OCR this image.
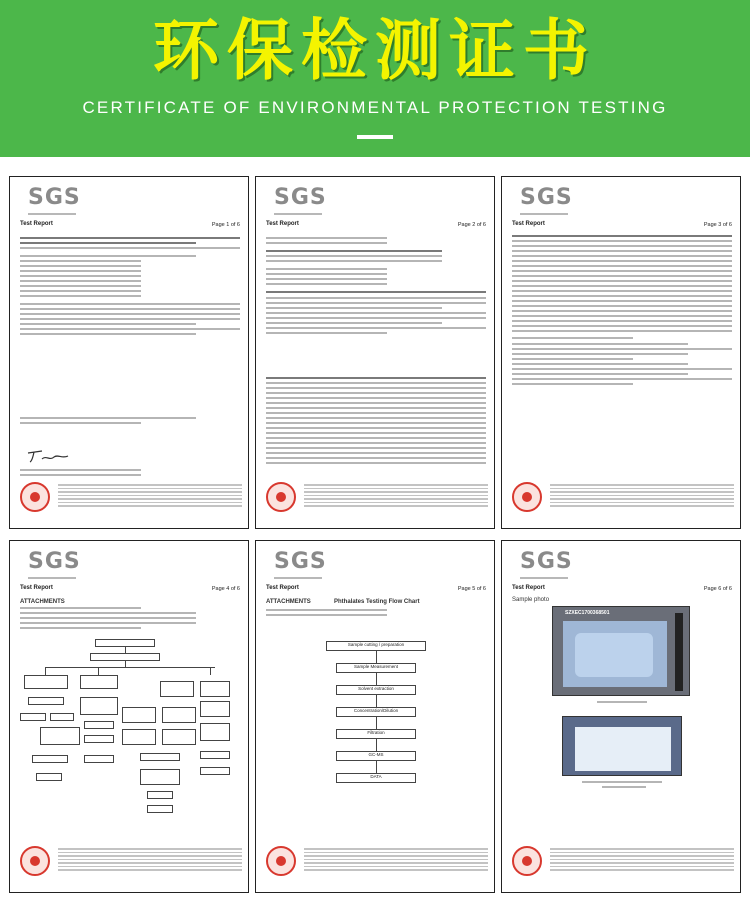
环保检测证书
CERTIFICATE OF ENVIRONMENTAL PROTECTION TESTING
SGS
Test Report	Page 1 of 6
SGS
Test Report	Page 2 of 6
SGS
Test Report	Page 3 of 6
SGS
Test Report	Page 4 of 6
ATTACHMENTS
SGS
Test Report	Page 5 of 6
ATTACHMENTS	Phthalates Testing Flow Chart
Sample cutting / preparation
Sample Measurement
Solvent extraction
Concentration/Dilution
Filtration
GC-MS
DATA
SGS
Test Report	Page 6 of 6
Sample photo
SZXEC1700368501
